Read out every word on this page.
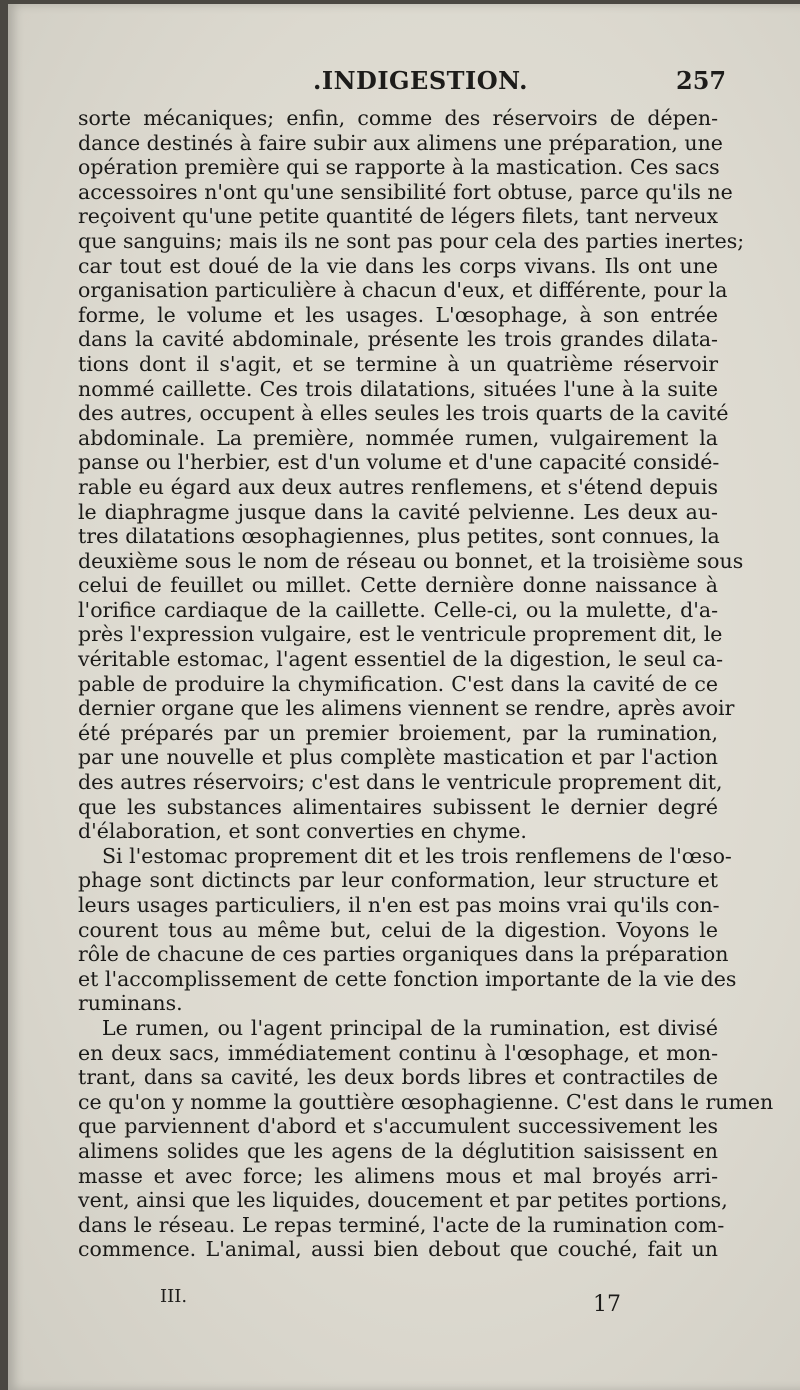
.INDIGESTION.	257
sorte mécaniques; enfin, comme des réservoirs de dépen-
dance destinés à faire subir aux alimens une préparation, une
opération première qui se rapporte à la mastication. Ces sacs
accessoires n'ont qu'une sensibilité fort obtuse, parce qu'ils ne
reçoivent qu'une petite quantité de légers filets, tant nerveux
que sanguins; mais ils ne sont pas pour cela des parties inertes;
car tout est doué de la vie dans les corps vivans. Ils ont une
organisation particulière à chacun d'eux, et différente, pour la
forme, le volume et les usages. L'œsophage, à son entrée
dans la cavité abdominale, présente les trois grandes dilata-
tions dont il s'agit, et se termine à un quatrième réservoir
nommé caillette. Ces trois dilatations, situées l'une à la suite
des autres, occupent à elles seules les trois quarts de la cavité
abdominale. La première, nommée rumen, vulgairement la
panse ou l'herbier, est d'un volume et d'une capacité considé-
rable eu égard aux deux autres renflemens, et s'étend depuis
le diaphragme jusque dans la cavité pelvienne. Les deux au-
tres dilatations œsophagiennes, plus petites, sont connues, la
deuxième sous le nom de réseau ou bonnet, et la troisième sous
celui de feuillet ou millet. Cette dernière donne naissance à
l'orifice cardiaque de la caillette. Celle-ci, ou la mulette, d'a-
près l'expression vulgaire, est le ventricule proprement dit, le
véritable estomac, l'agent essentiel de la digestion, le seul ca-
pable de produire la chymification. C'est dans la cavité de ce
dernier organe que les alimens viennent se rendre, après avoir
été préparés par un premier broiement, par la rumination,
par une nouvelle et plus complète mastication et par l'action
des autres réservoirs; c'est dans le ventricule proprement dit,
que les substances alimentaires subissent le dernier degré
d'élaboration, et sont converties en chyme.
Si l'estomac proprement dit et les trois renflemens de l'œso-
phage sont dictincts par leur conformation, leur structure et
leurs usages particuliers, il n'en est pas moins vrai qu'ils con-
courent tous au même but, celui de la digestion. Voyons le
rôle de chacune de ces parties organiques dans la préparation
et l'accomplissement de cette fonction importante de la vie des
ruminans.
Le rumen, ou l'agent principal de la rumination, est divisé
en deux sacs, immédiatement continu à l'œsophage, et mon-
trant, dans sa cavité, les deux bords libres et contractiles de
ce qu'on y nomme la gouttière œsophagienne. C'est dans le rumen
que parviennent d'abord et s'accumulent successivement les
alimens solides que les agens de la déglutition saisissent en
masse et avec force; les alimens mous et mal broyés arri-
vent, ainsi que les liquides, doucement et par petites portions,
dans le réseau. Le repas terminé, l'acte de la rumination com-
commence. L'animal, aussi bien debout que couché, fait un
III.	17
